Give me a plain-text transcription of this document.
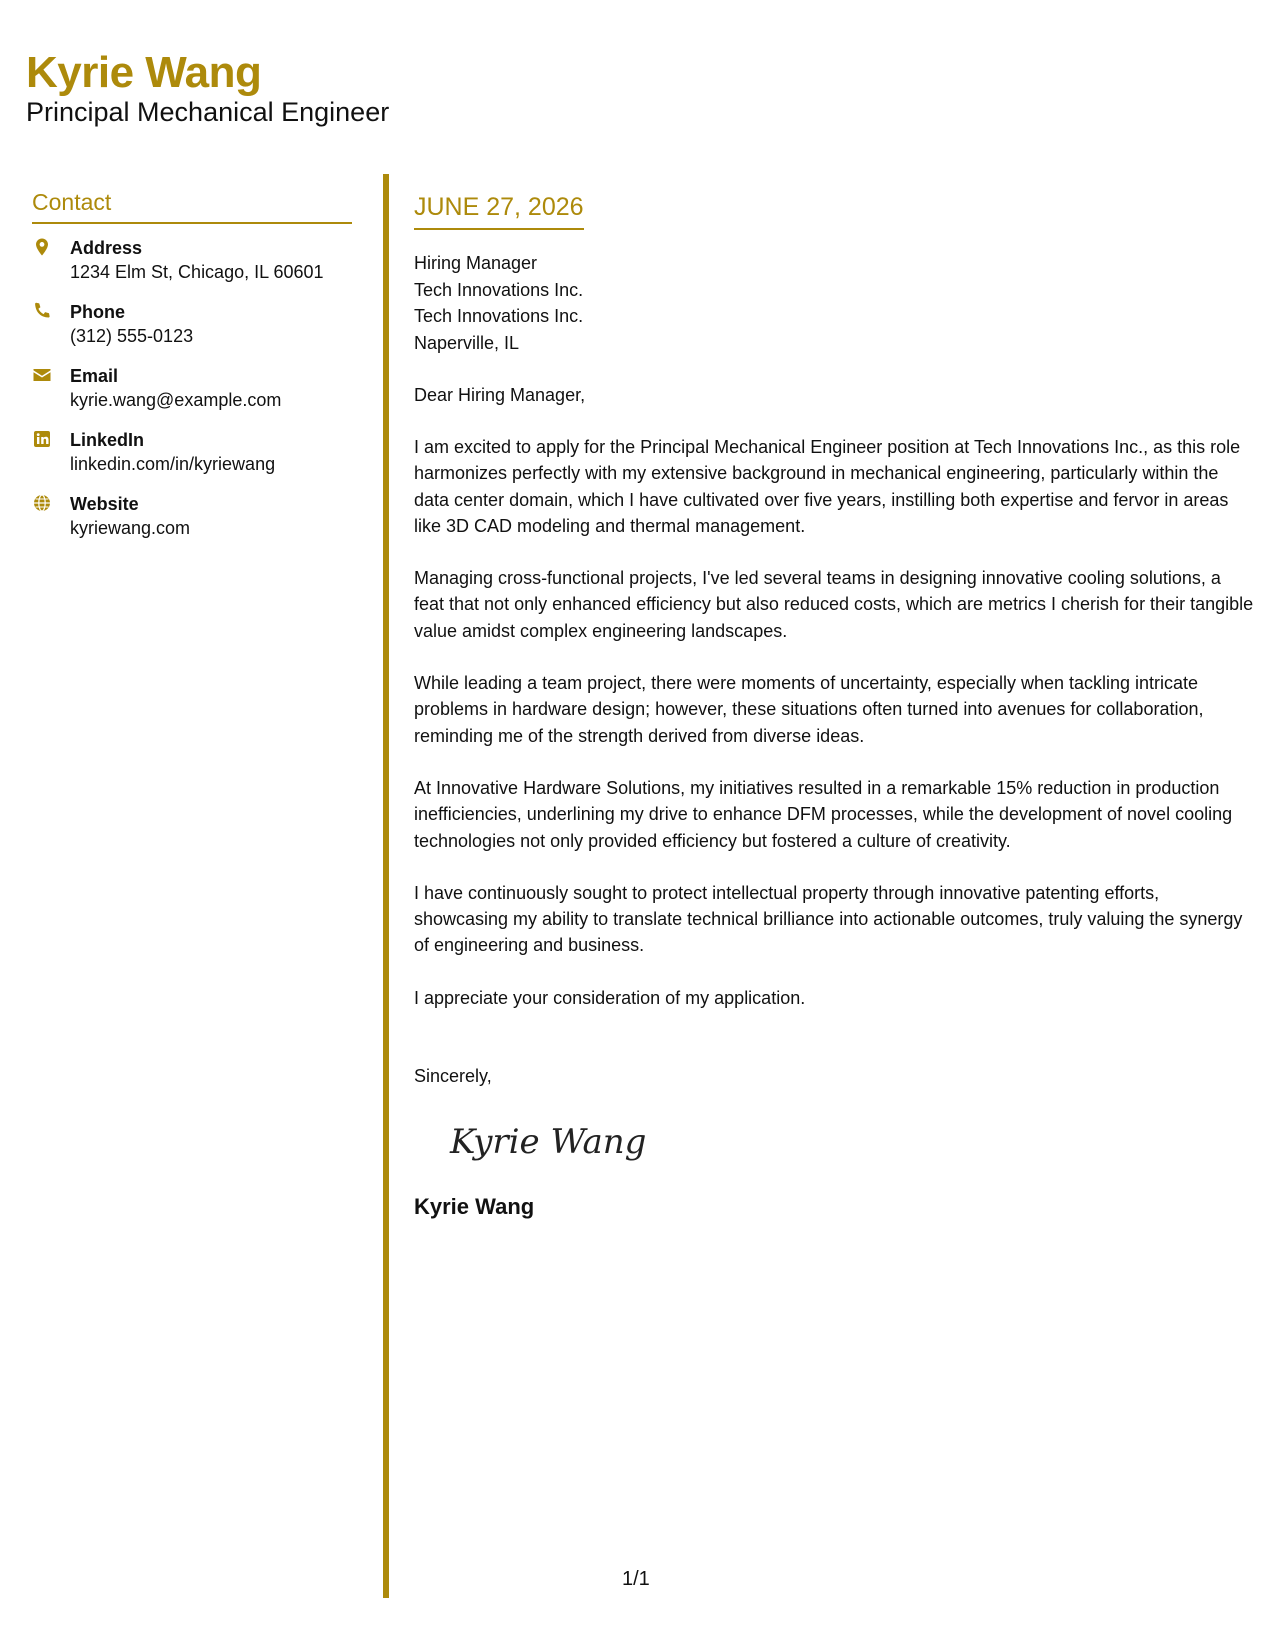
Kyrie Wang
Principal Mechanical Engineer
Contact
Address
1234 Elm St, Chicago, IL 60601
Phone
(312) 555-0123
Email
kyrie.wang@example.com
LinkedIn
linkedin.com/in/kyriewang
Website
kyriewang.com
JUNE 27, 2026
Hiring Manager
Tech Innovations Inc.
Tech Innovations Inc.
Naperville, IL
Dear Hiring Manager,
I am excited to apply for the Principal Mechanical Engineer position at Tech Innovations Inc., as this role harmonizes perfectly with my extensive background in mechanical engineering, particularly within the data center domain, which I have cultivated over five years, instilling both expertise and fervor in areas like 3D CAD modeling and thermal management.
Managing cross-functional projects, I've led several teams in designing innovative cooling solutions, a feat that not only enhanced efficiency but also reduced costs, which are metrics I cherish for their tangible value amidst complex engineering landscapes.
While leading a team project, there were moments of uncertainty, especially when tackling intricate problems in hardware design; however, these situations often turned into avenues for collaboration, reminding me of the strength derived from diverse ideas.
At Innovative Hardware Solutions, my initiatives resulted in a remarkable 15% reduction in production inefficiencies, underlining my drive to enhance DFM processes, while the development of novel cooling technologies not only provided efficiency but fostered a culture of creativity.
I have continuously sought to protect intellectual property through innovative patenting efforts, showcasing my ability to translate technical brilliance into actionable outcomes, truly valuing the synergy of engineering and business.
I appreciate your consideration of my application.
Sincerely,
Kyrie Wang
Kyrie Wang
1/1
